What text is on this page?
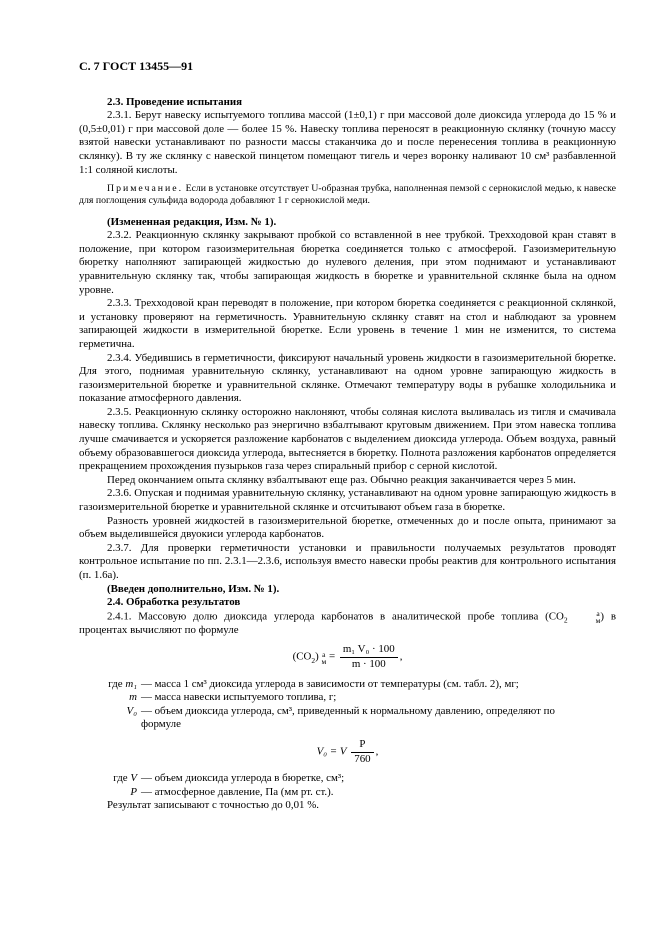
С. 7 ГОСТ 13455—91

2.3. Проведение испытания

2.3.1. Берут навеску испытуемого топлива массой (1±0,1) г при массовой доле диоксида углерода до 15 % и (0,5±0,01) г при массовой доле — более 15 %. Навеску топлива переносят в реакционную склянку (точную массу взятой навески устанавливают по разности массы стаканчика до и после перенесения топлива в реакционную склянку). В ту же склянку с навеской пинцетом помещают тигель и через воронку наливают 10 см³ разбавленной 1:1 соляной кислоты.

Примечание. Если в установке отсутствует U-образная трубка, наполненная пемзой с сернокислой медью, к навеске для поглощения сульфида водорода добавляют 1 г сернокислой меди.

(Измененная редакция, Изм. № 1).

2.3.2. Реакционную склянку закрывают пробкой со вставленной в нее трубкой. Трехходовой кран ставят в положение, при котором газоизмерительная бюретка соединяется только с атмосферой. Газоизмерительную бюретку наполняют запирающей жидкостью до нулевого деления, при этом поднимают и устанавливают уравнительную склянку так, чтобы запирающая жидкость в бюретке и уравнительной склянке была на одном уровне.

2.3.3. Трехходовой кран переводят в положение, при котором бюретка соединяется с реакционной склянкой, и установку проверяют на герметичность. Уравнительную склянку ставят на стол и наблюдают за уровнем запирающей жидкости в измерительной бюретке. Если уровень в течение 1 мин не изменится, то система герметична.

2.3.4. Убедившись в герметичности, фиксируют начальный уровень жидкости в газоизмерительной бюретке. Для этого, поднимая уравнительную склянку, устанавливают на одном уровне запирающую жидкость в газоизмерительной бюретке и уравнительной склянке. Отмечают температуру воды в рубашке холодильника и показание атмосферного давления.

2.3.5. Реакционную склянку осторожно наклоняют, чтобы соляная кислота выливалась из тигля и смачивала навеску топлива. Склянку несколько раз энергично взбалтывают круговым движением. При этом навеска топлива лучше смачивается и ускоряется разложение карбонатов с выделением диоксида углерода. Объем воздуха, равный объему образовавшегося диоксида углерода, вытесняется в бюретку. Полнота разложения карбонатов определяется прекращением прохождения пузырьков газа через спиральный прибор с серной кислотой.

Перед окончанием опыта склянку взбалтывают еще раз. Обычно реакция заканчивается через 5 мин.

2.3.6. Опуская и поднимая уравнительную склянку, устанавливают на одном уровне запирающую жидкость в газоизмерительной бюретке и уравнительной склянке и отсчитывают объем газа в бюретке.

Разность уровней жидкостей в газоизмерительной бюретке, отмеченных до и после опыта, принимают за объем выделившейся двуокиси углерода карбонатов.

2.3.7. Для проверки герметичности установки и правильности получаемых результатов проводят контрольное испытание по пп. 2.3.1—2.3.6, используя вместо навески пробы реактив для контрольного испытания (п. 1.6а).

(Введен дополнительно, Изм. № 1).

2.4. Обработка результатов

2.4.1. Массовую долю диоксида углерода карбонатов в аналитической пробе топлива ($CO_2$
а
м ) в процентах вычисляют по формуле

$(CO_2)$ а
$м = \frac{\text{m₁ V₀ · 100}}{m \cdot 100}$ ,
где m₁ — масса 1 см³ диоксида углерода в зависимости от температуры (см. табл. 2), мг;
m — масса навески испытуемого топлива, г;
V₀ — объем диоксида углерода, см³, приведенный к нормальному давлению, определяют по
формуле
V₀ = V $\frac{P}{760}$ ,
где V — объем диоксида углерода в бюретке, см³;
P — атмосферное давление, Па (мм рт. ст.).

Результат записывают с точностью до 0,01 %.
